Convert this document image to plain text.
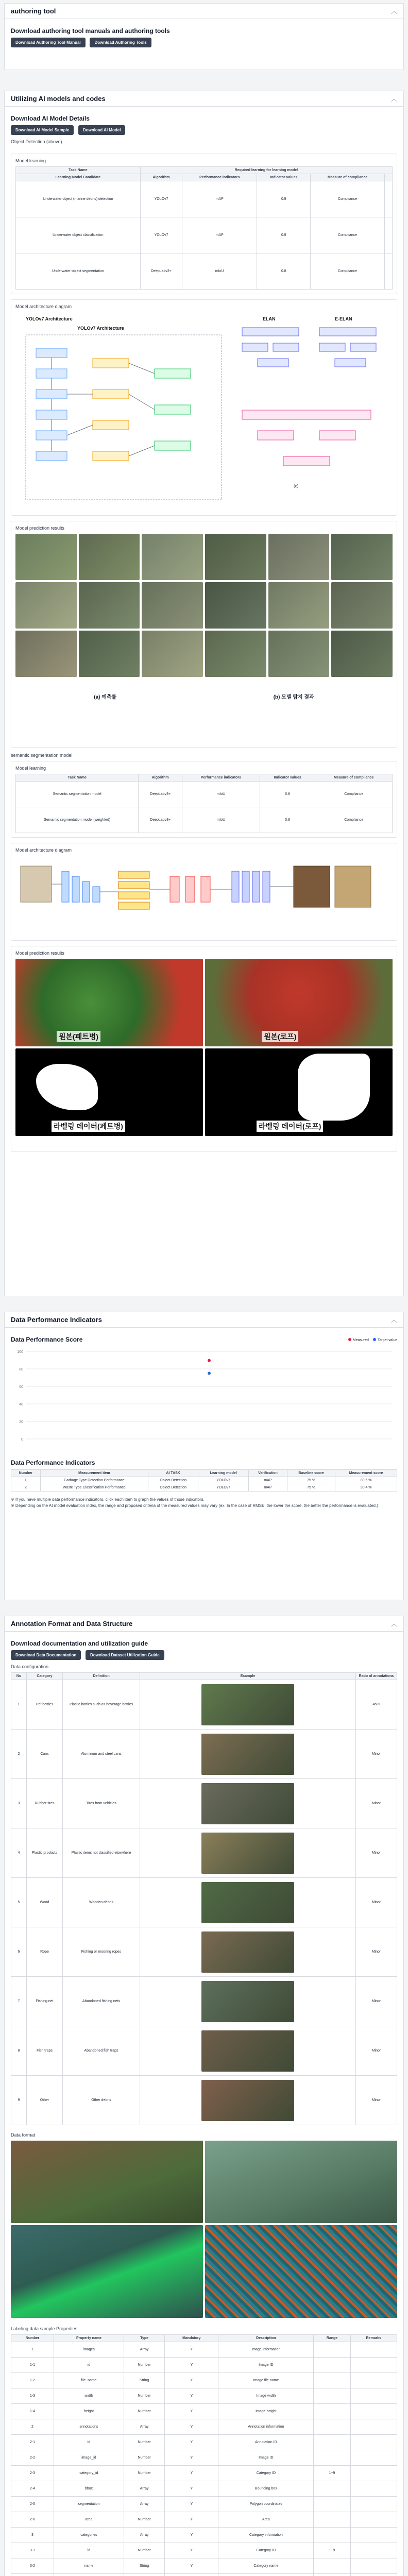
authoring tool	︿
Download authoring tool manuals and authoring tools
Download Authoring Tool Manual	Download Authoring Tools
Utilizing AI models and codes	︿
Download AI Model Details
Download AI Model Sample	Download AI Model
Object Detection (above)
Model learning
Task Name	Required learning for learning model				
Learning Model Candidate	Algorithm	Performance indicators	Indicator values	Measure of compliance	
Underwater object (marine debris) detection	YOLOv7	mAP	0.9	Compliance	
Underwater object classification	YOLOv7	mAP	0.9	Compliance	
Underwater object segmentation	DeepLabv3+	mIoU	0.8	Compliance	
Model architecture diagram
YOLOv7 Architecture
YOLOv7 Architecture
ELAN	E-ELAN
(c)
Model prediction results
(a) 예측률	(b) 모델 탐지 결과
semantic segmentation model
Model learning
Task Name	Algorithm	Performance indicators	Indicator values	Measure of compliance
Semantic segmentation model	DeepLabv3+	mIoU	0.8	Compliance
Semantic segmentation model (weighted)	DeepLabv3+	mIoU	0.8	Compliance
Model architecture diagram
Model prediction results
원본(페트병)	원본(로프)
라벨링 데이터(페트병)	라벨링 데이터(로프)
Data Performance Indicators	︿
Data Performance Score	Measured Target value
100
80
60
40
20
0
Data Performance Indicators
Number	Measurement item	AI TASK	Learning model	Verification	Baseline score	Measurement score
1	Garbage Type Detection Performance	Object Detection	YOLOv7	mAP	75 %	89.6 %
2	Waste Type Classification Performance	Object Detection	YOLOv7	mAP	75 %	90.4 %

※ If you have multiple data performance indicators, click each item to graph the values of those indicators.

※ Depending on the AI model evaluation index, the range and proposed criteria of the measured values may vary (ex. In the case of RMSE, the lower the score, the better the performance is evaluated.)

Annotation Format and Data Structure	︿
Download documentation and utilization guide
Download Data Documentation	Download Dataset Utilization Guide
Data configuration
No	Category	Definition	Example	Ratio of annotations
1	Pet bottles	Plastic bottles such as beverage bottles		45%
2	Cans	Aluminum and steel cans		Minor
3	Rubber tires	Tires from vehicles		Minor
4	Plastic products	Plastic items not classified elsewhere		Minor
5	Wood	Wooden debris		Minor
6	Rope	Fishing or mooring ropes		Minor
7	Fishing net	Abandoned fishing nets		Minor
8	Fish traps	Abandoned fish traps		Minor
9	Other	Other debris		Minor
Data format
Labeling data sample Properties
Number	Property name	Type	Mandatory	Description	Range	Remarks
1	images	Array	Y	Image information		
1-1	id	Number	Y	Image ID		
1-2	file_name	String	Y	Image file name		
1-3	width	Number	Y	Image width		
1-4	height	Number	Y	Image height		
2	annotations	Array	Y	Annotation information		
2-1	id	Number	Y	Annotation ID		
2-2	image_id	Number	Y	Image ID		
2-3	category_id	Number	Y	Category ID	1~9	
2-4	bbox	Array	Y	Bounding box		
2-5	segmentation	Array	Y	Polygon coordinates		
2-6	area	Number	Y	Area		
3	categories	Array	Y	Category information		
3-1	id	Number	Y	Category ID	1~9	
3-2	name	String	Y	Category name		
